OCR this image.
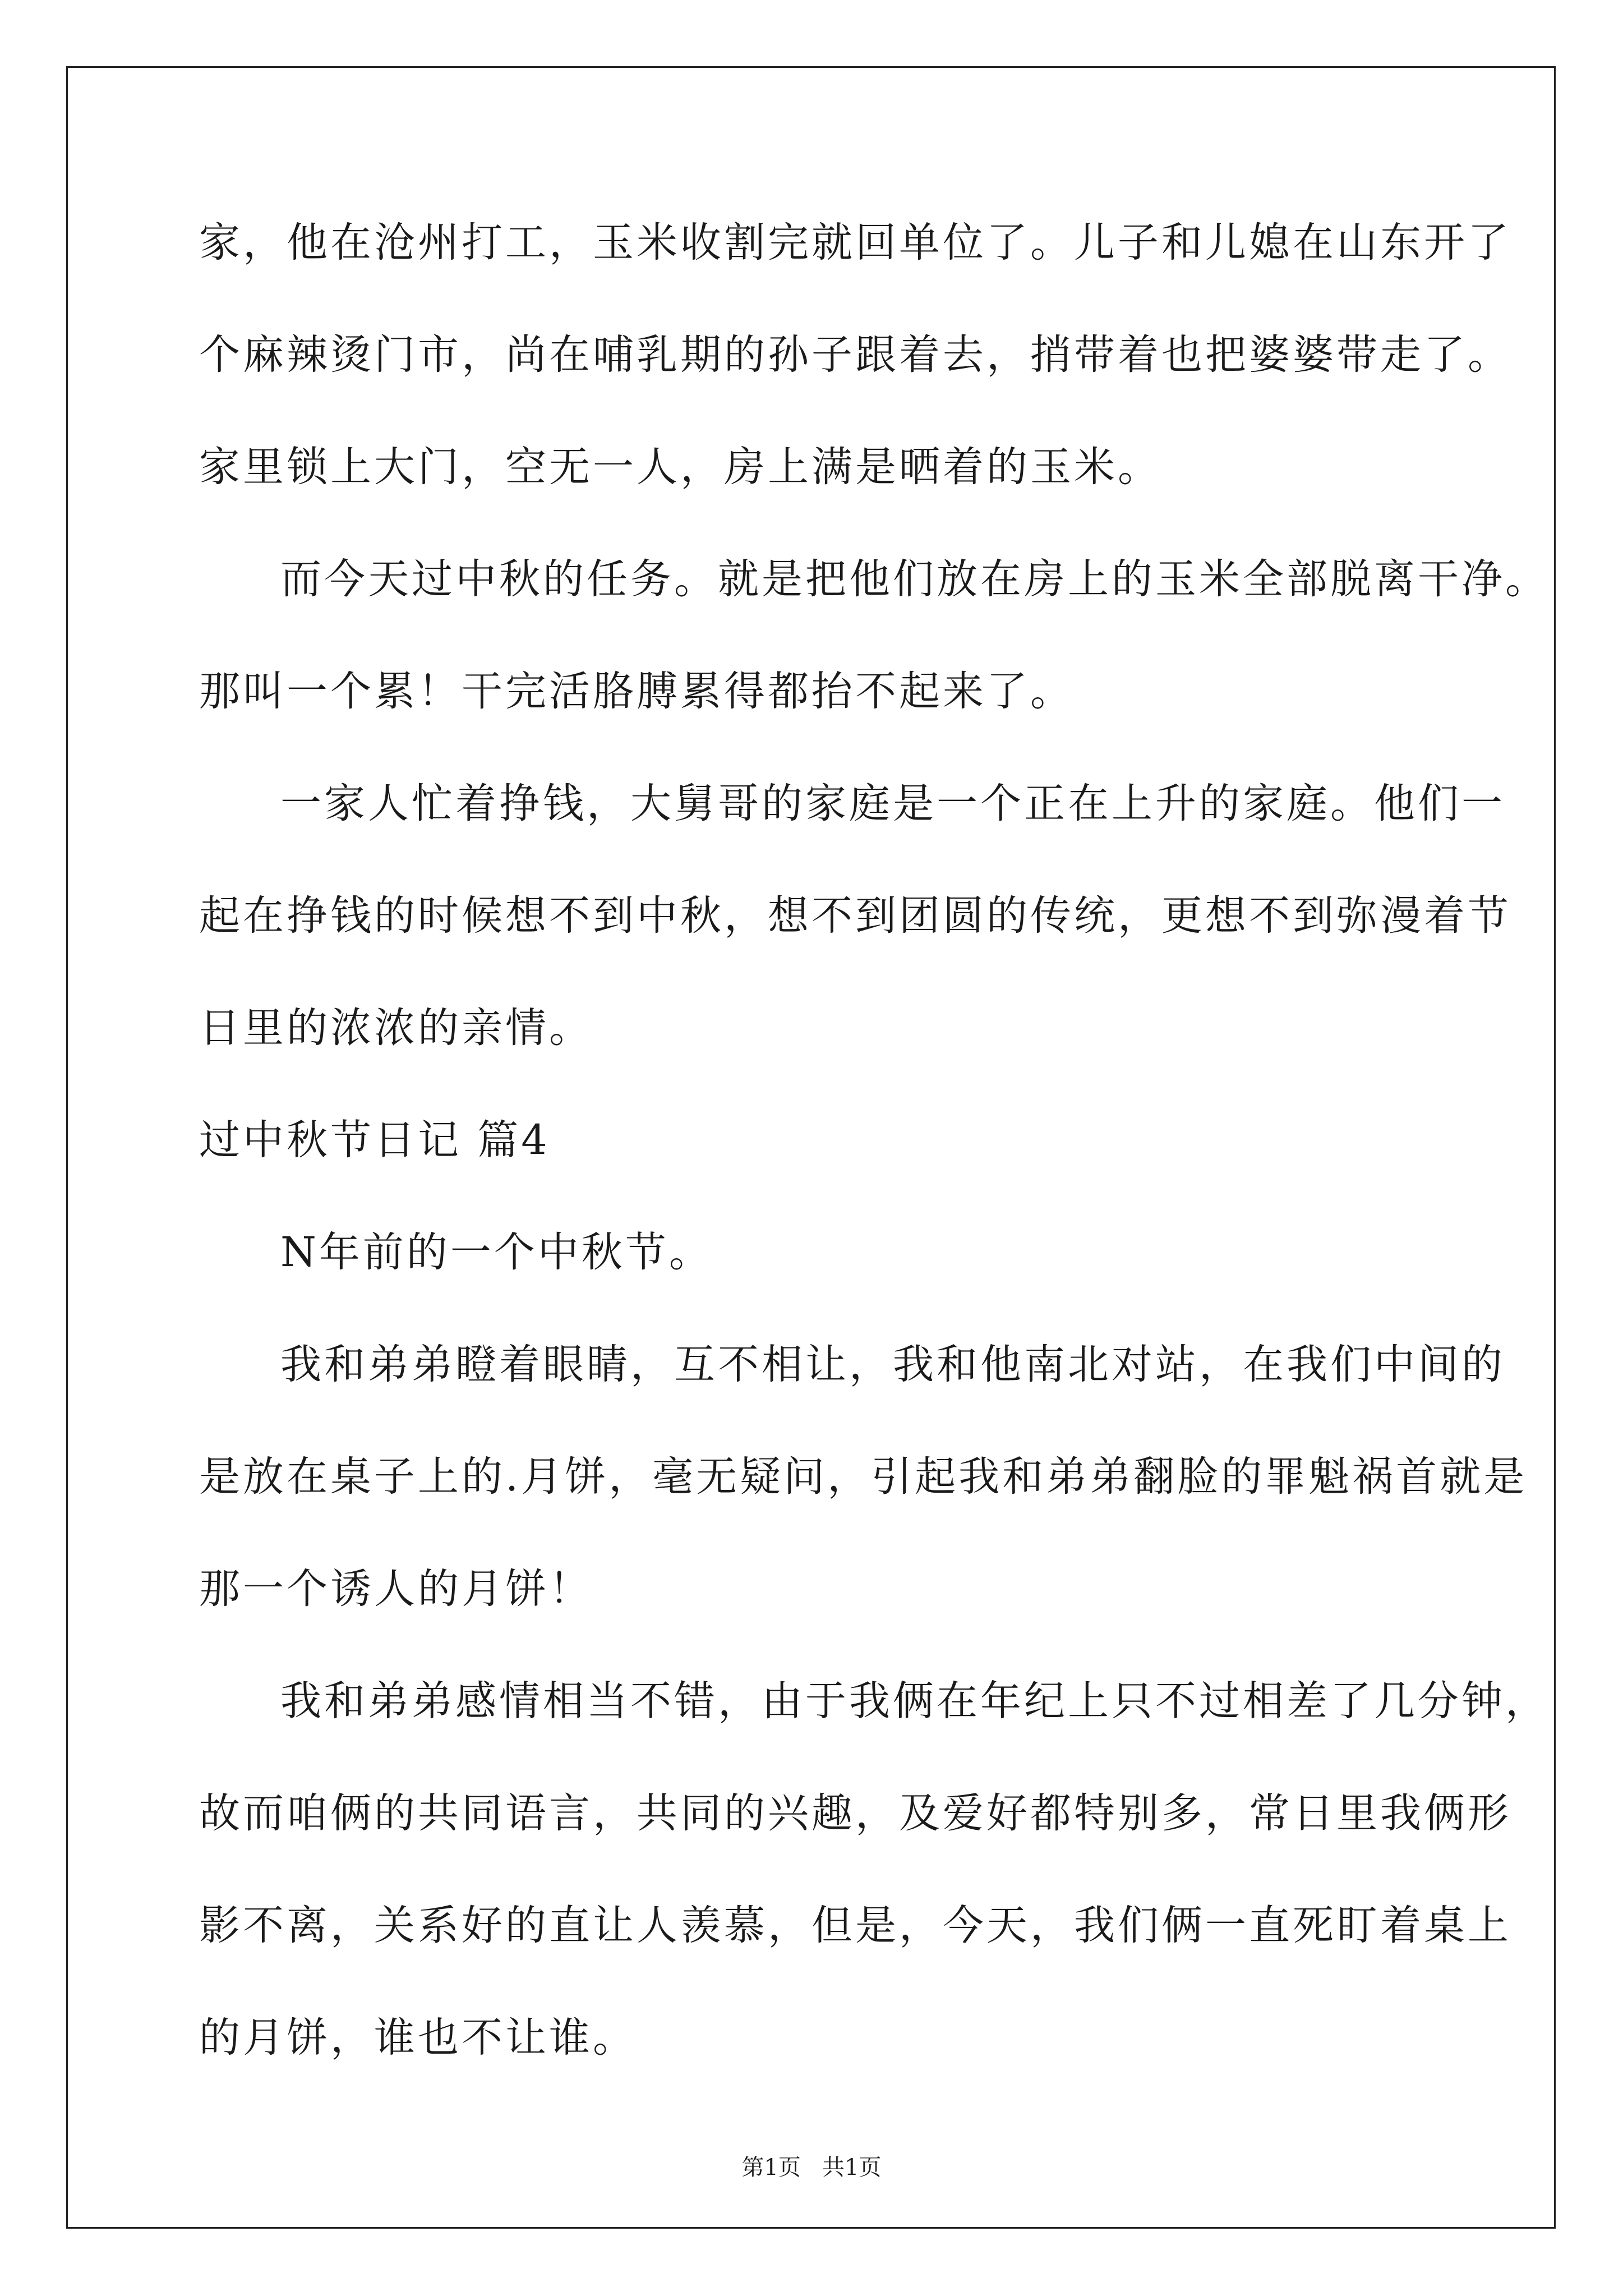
家，他在沧州打工，玉米收割完就回单位了。儿子和儿媳在山东开了
个麻辣烫门市，尚在哺乳期的孙子跟着去，捎带着也把婆婆带走了。
家里锁上大门，空无一人，房上满是晒着的玉米。
而今天过中秋的任务。就是把他们放在房上的玉米全部脱离干净。
那叫一个累！干完活胳膊累得都抬不起来了。
一家人忙着挣钱，大舅哥的家庭是一个正在上升的家庭。他们一
起在挣钱的时候想不到中秋，想不到团圆的传统，更想不到弥漫着节
日里的浓浓的亲情。
过中秋节日记 篇4
N年前的一个中秋节。
我和弟弟瞪着眼睛，互不相让，我和他南北对站，在我们中间的
是放在桌子上的.月饼，毫无疑问，引起我和弟弟翻脸的罪魁祸首就是
那一个诱人的月饼！
我和弟弟感情相当不错，由于我俩在年纪上只不过相差了几分钟，
故而咱俩的共同语言，共同的兴趣，及爱好都特别多，常日里我俩形
影不离，关系好的直让人羡慕，但是，今天，我们俩一直死盯着桌上
的月饼，谁也不让谁。
第1页   共1页
